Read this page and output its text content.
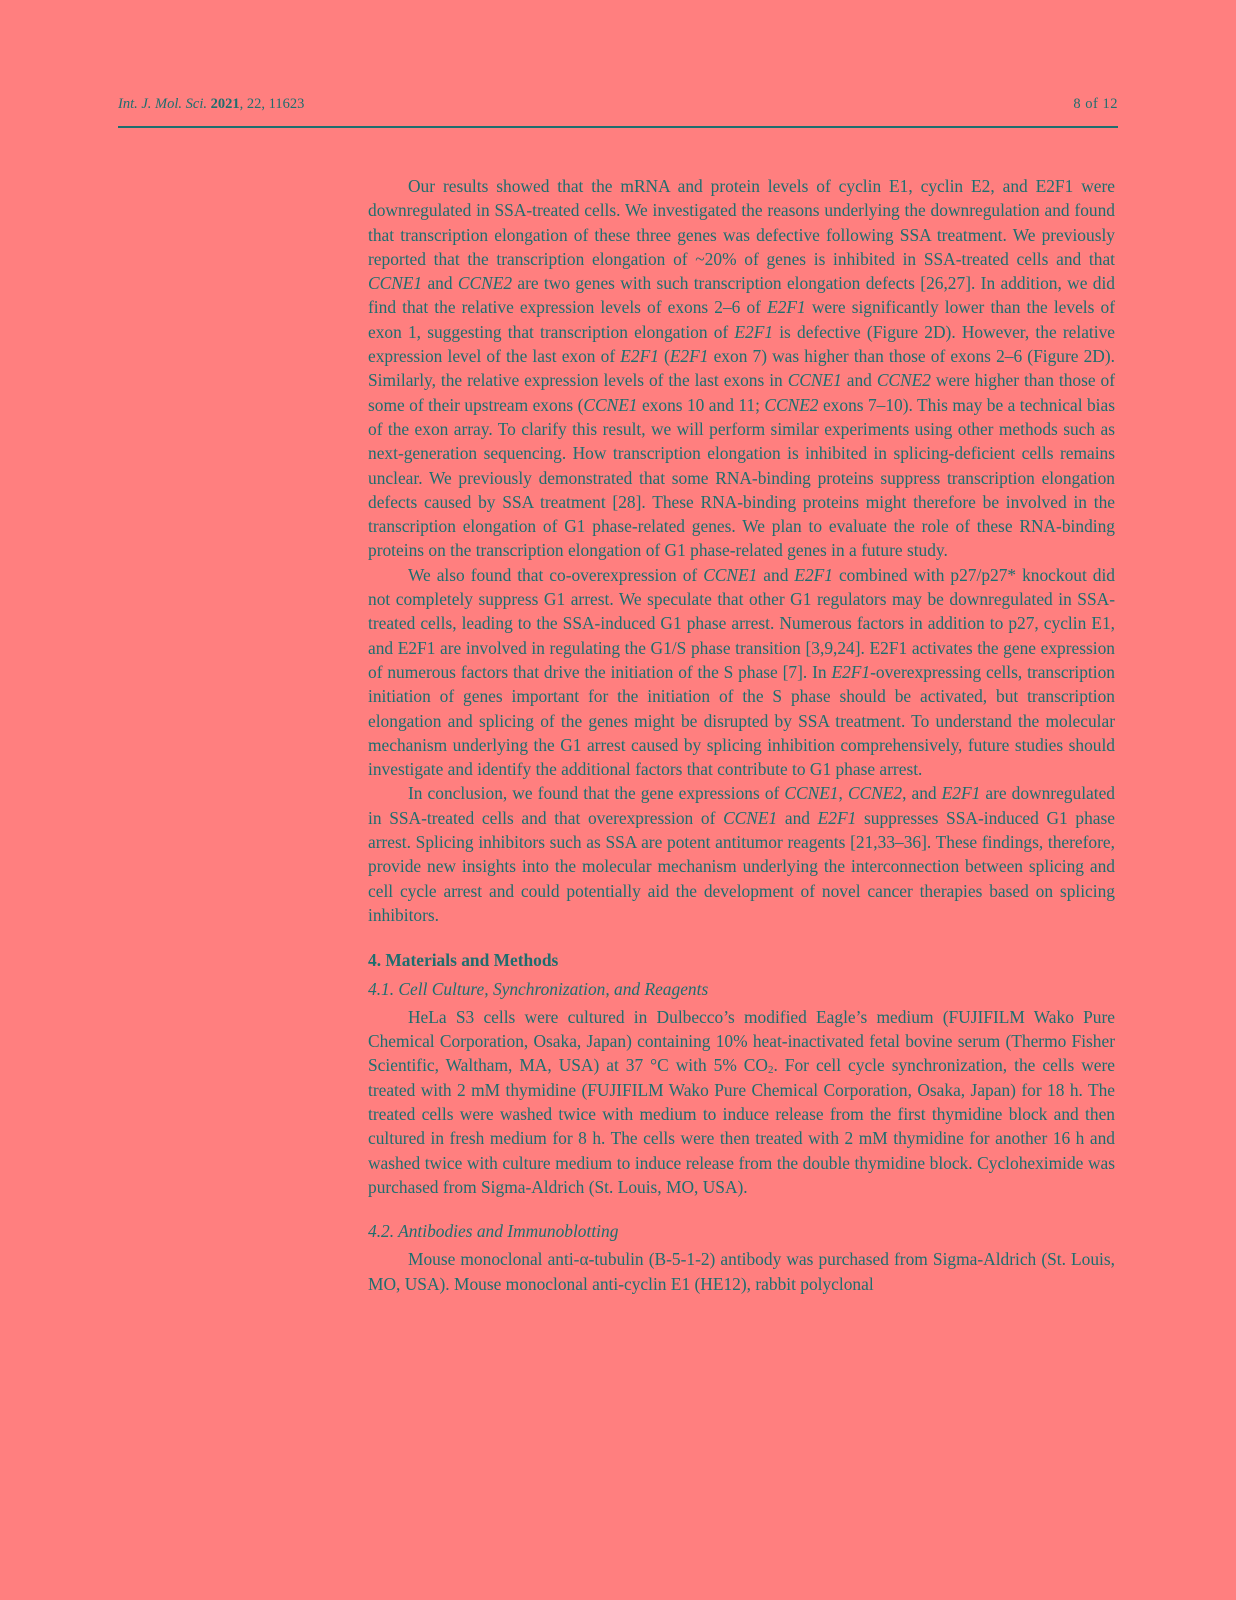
Int. J. Mol. Sci. 2021, 22, 11623	8 of 12

Our results showed that the mRNA and protein levels of cyclin E1, cyclin E2, and E2F1 were downregulated in SSA-treated cells. We investigated the reasons underlying the downregulation and found that transcription elongation of these three genes was defective following SSA treatment. We previously reported that the transcription elongation of ~20% of genes is inhibited in SSA-treated cells and that CCNE1 and CCNE2 are two genes with such transcription elongation defects [26,27]. In addition, we did find that the relative expression levels of exons 2–6 of E2F1 were significantly lower than the levels of exon 1, suggesting that transcription elongation of E2F1 is defective (Figure 2D). However, the relative expression level of the last exon of E2F1 (E2F1 exon 7) was higher than those of exons 2–6 (Figure 2D). Similarly, the relative expression levels of the last exons in CCNE1 and CCNE2 were higher than those of some of their upstream exons (CCNE1 exons 10 and 11; CCNE2 exons 7–10). This may be a technical bias of the exon array. To clarify this result, we will perform similar experiments using other methods such as next-generation sequencing. How transcription elongation is inhibited in splicing-deficient cells remains unclear. We previously demonstrated that some RNA-binding proteins suppress transcription elongation defects caused by SSA treatment [28]. These RNA-binding proteins might therefore be involved in the transcription elongation of G1 phase-related genes. We plan to evaluate the role of these RNA-binding proteins on the transcription elongation of G1 phase-related genes in a future study.

We also found that co-overexpression of CCNE1 and E2F1 combined with p27/p27* knockout did not completely suppress G1 arrest. We speculate that other G1 regulators may be downregulated in SSA-treated cells, leading to the SSA-induced G1 phase arrest. Numerous factors in addition to p27, cyclin E1, and E2F1 are involved in regulating the G1/S phase transition [3,9,24]. E2F1 activates the gene expression of numerous factors that drive the initiation of the S phase [7]. In E2F1-overexpressing cells, transcription initiation of genes important for the initiation of the S phase should be activated, but transcription elongation and splicing of the genes might be disrupted by SSA treatment. To understand the molecular mechanism underlying the G1 arrest caused by splicing inhibition comprehensively, future studies should investigate and identify the additional factors that contribute to G1 phase arrest.

In conclusion, we found that the gene expressions of CCNE1, CCNE2, and E2F1 are downregulated in SSA-treated cells and that overexpression of CCNE1 and E2F1 suppresses SSA-induced G1 phase arrest. Splicing inhibitors such as SSA are potent antitumor reagents [21,33–36]. These findings, therefore, provide new insights into the molecular mechanism underlying the interconnection between splicing and cell cycle arrest and could potentially aid the development of novel cancer therapies based on splicing inhibitors.

4. Materials and Methods
4.1. Cell Culture, Synchronization, and Reagents

HeLa S3 cells were cultured in Dulbecco’s modified Eagle’s medium (FUJIFILM Wako Pure Chemical Corporation, Osaka, Japan) containing 10% heat-inactivated fetal bovine serum (Thermo Fisher Scientific, Waltham, MA, USA) at 37 °C with 5% $CO_2$. For cell cycle synchronization, the cells were treated with 2 mM thymidine (FUJIFILM Wako Pure Chemical Corporation, Osaka, Japan) for 18 h. The treated cells were washed twice with medium to induce release from the first thymidine block and then cultured in fresh medium for 8 h. The cells were then treated with 2 mM thymidine for another 16 h and washed twice with culture medium to induce release from the double thymidine block. Cycloheximide was purchased from Sigma-Aldrich (St. Louis, MO, USA).

4.2. Antibodies and Immunoblotting

Mouse monoclonal anti-α-tubulin (B-5-1-2) antibody was purchased from Sigma-Aldrich (St. Louis, MO, USA). Mouse monoclonal anti-cyclin E1 (HE12), rabbit polyclonal
